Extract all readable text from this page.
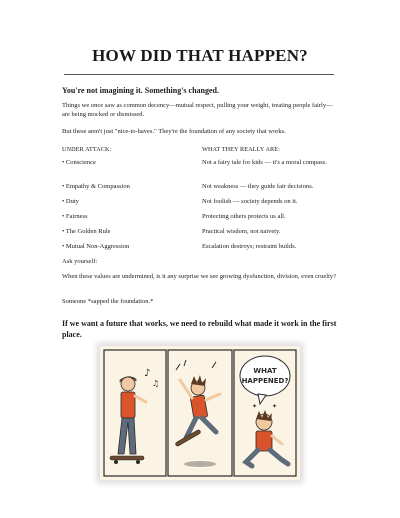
HOW DID THAT HAPPEN?
You're not imagining it. Something's changed.
Things we once saw as common decency—mutual respect, pulling your weight, treating people fairly—are being mocked or dismissed.
But these aren't just "nice-to-haves." They're the foundation of any society that works.
UNDER ATTACK:	WHAT THEY REALLY ARE:
• Conscience	Not a fairy tale for kids — it's a moral compass.
• Empathy & Compassion	Not weakness — they guide fair decisions.
• Duty	Not foolish — society depends on it.
• Fairness	Protecting others protects us all.
• The Golden Rule	Practical wisdom, not naivety.
• Mutual Non-Aggression	Escalation destroys; restraint builds.
Ask yourself:
When these values are undermined, is it any surprise we see growing dysfunction, division, even cruelty?
Someone *sapped the foundation.*
If we want a future that works, we need to rebuild what made it work in the first place.
♪
♫
WHAT
HAPPENED?
✦ ✦
